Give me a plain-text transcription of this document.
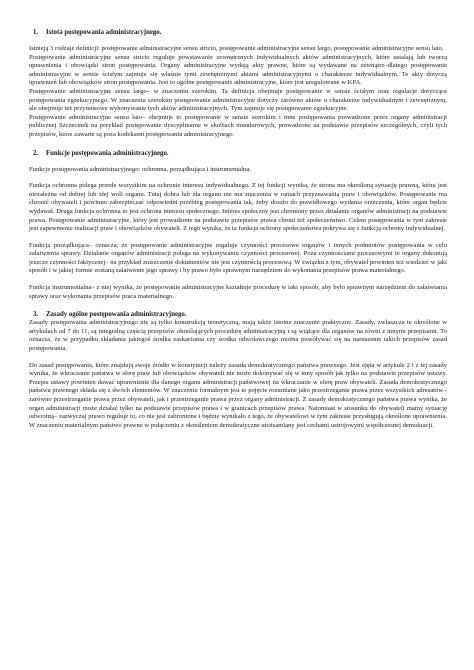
1. Istota postępowania administracyjnego.

Istnieją 3 rodzaje definicji: postępowanie administracyjne sensu stricto, postępowanie administracyjne sensu largo, postępowanie administracyjne sensu lato.

Postępowanie administracyjne sensu stricto reguluje powstawanie zewnętrznych indywidualnych aktów administracyjnych, które ustalają lub tworzą uprawnienia i obowiązki stron postępowania. Organy administracyjne wydają akty prawne, które są wydawane na zewnątrz–dlatego postępowanie administracyjne w sensie ścisłym zajmuje się właśnie tymi zewnętrznymi aktami administracyjnymi o charakterze indywidualnym. Te akty dotyczą uprawnień lub obowiązków stron postępowania. Jest to ogólne postępowanie administracyjne, które jest uregulowane w KPA.

Postępowanie administracyjne sensu largo– w znaczeniu szerokim. Ta definicja obejmuje postępowanie w sensie ścisłym oraz regulacje dotyczące postępowania egzekucyjnego. W znaczeniu szerokim postępowanie administracyjne dotyczy zarówno aktów o charakterze indywidualnym i zewnętrznym, ale obejmuje też przymusowe wykonywanie tych aktów administracyjnych. Tym zajmuje się postępowanie egzekucyjne.

Postępowanie administracyjne sensu lato– obejmuje to postępowanie w sensie szerokim i inne postępowania prowadzone przez organy administracji publicznej Szczecinek na przykład postępowanie dyscyplinarne w służbach mundurowych, prowadzone na podstawie przepisów szczególnych, czyli tych przepisów, które zawarte są poza kodeksem postępowania administracyjnego.

2. Funkcje postępowania administracyjnego.

Funkcje postępowania administracyjnego: ochronna, porządkująca i instrumentalna.

Funkcja ochronna polega przede wszystkim na ochronie interesu indywidualnego. Z tej funkcji wynika, że strona ma określoną sytuację prawną, która jest niezależna od dobrej lub złej woli organu. Tutaj dobra lub zła organu nie ma znaczenia w ramach przyznawania praw i obowiązków. Postępowanie ma chronić obywateli i powinno zabezpieczać odpowiedni przebieg postępowania tak, żeby doszło do prawidłowego wydania orzeczenia, które organ będzie wydawał. Druga funkcja ochronna to jest ochrona interesu społecznego. Interes społeczny jest chroniony przez działanie organów administracji na podstawie prawa. Postępowanie administracyjne, który jest prowadzone na podstawie przepisów prawa chroni też społeczeństwo. Celem postępowania w tym zakresie jest zapewnienie realizacji praw i obowiązków obywateli. Z tego wynika, że ta funkcja ochrony społeczeństwa pokrywa się z funkcją ochrony indywidualnej.

Funkcja porządkująca– oznacza, że postępowanie administracyjne reguluje czynności procesowe organów i innych podmiotów postępowania w celu załatwienia sprawy. Działanie organów administracji polega na wykonywaniu czynności procesowej. Poza czynnościami procesowymi te organy dokonują jeszcze czynności faktycznej– na przykład zniszczenie dokumentów nie jest czynnością procesową. W związku z tym, obywatel powinien też wiedzieć w jaki sposób i w jakiej formie zostaną załatwione jego sprawy i by prawo było sprawnym narzędziem do wykonania przepisów prawa materialnego.

Funkcja instrumentalna– z niej wynika, że postępowanie administracyjne kształtuje procedurę w taki sposób, aby było sprawnym narzędziem do załatwiania sprawy oraz wykonania przepisów praca materialnego.

3. Zasady ogólne postępowania administracyjnego.

Zasady postępowania administracyjnego nie są tylko konstrukcją teoretyczną, mają także istotne znaczenie praktyczne. Zasady, zwłaszcza te określone w artykułach od 7 do 11, są integralną częścią przepisów określających procedurę administracyjną i są wiążące dla organów na równi z innymi przepisami. To oznacza, że w przypadku składania jakiegoś środka zaskarżania czy środka odwoławczego można powoływać się na naruszenie takich przepisów zasad postępowania.

Do zasad postępowania, które znajdują swoje źródło w konstytucji należy zasada demokratycznego państwa prawnego. Jest ujęta w artykule 2 i z tej zasady wynika, że wkraczanie państwa w sferę praw lub obowiązków obywateli nie może dokonywać się w inny sposób jak tylko na podstawie przepisów ustawy. Przepis ustawy powinien dawać uprawnienie dla danego organu administracji państwowej na wkraczanie w sferę praw obywateli. Zasada demokratycznego państwa prawnego składa się z dwóch elementów. W znaczeniu formalnym jest to pojęcie rozumiane jako przestrzeganie prawa przez wszystkich adresatów - zarówno przestrzeganie prawa przez obywateli, jak i przestrzeganie prawa przez organy administracji. Z zasady demokratycznego państwa prawa wynika, że organ administracji może działać tylko na podstawie przepisów prawa i w granicach przepisów prawa. Natomiast w stosunku do obywateli mamy sytuację odwrotną– zazwyczaj prawo reguluje to, co nie jest zabronione i będzie wynikało z tego, że obywatelowi w tym zakresie przysługują określone uprawnienia. W znaczeniu materialnym państwo prawne w połączeniu z określeniem demokratyczne utożsamiany jest cechami ustrojowymi współczesnej demokracji.
